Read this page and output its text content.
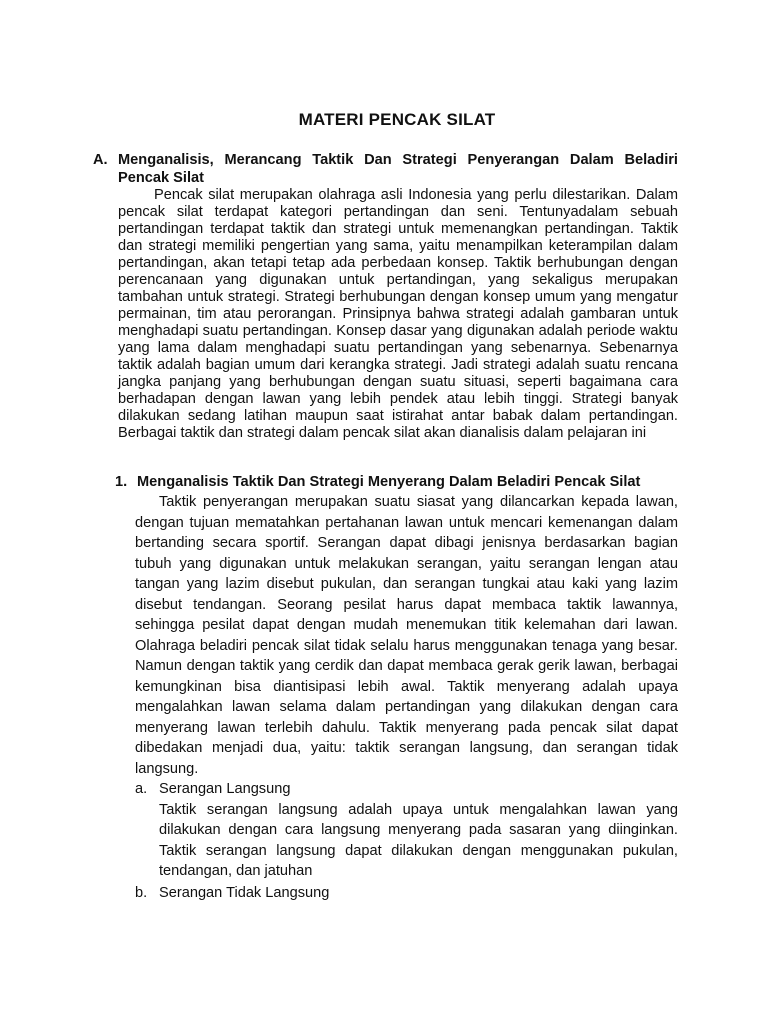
MATERI PENCAK SILAT
A. Menganalisis, Merancang Taktik Dan Strategi Penyerangan Dalam Beladiri Pencak Silat

Pencak silat merupakan olahraga asli Indonesia yang perlu dilestarikan. Dalam pencak silat terdapat kategori pertandingan dan seni. Tentunyadalam sebuah pertandingan terdapat taktik dan strategi untuk memenangkan pertandingan. Taktik dan strategi memiliki pengertian yang sama, yaitu menampilkan keterampilan dalam pertandingan, akan tetapi tetap ada perbedaan konsep. Taktik berhubungan dengan perencanaan yang digunakan untuk pertandingan, yang sekaligus merupakan tambahan untuk strategi. Strategi berhubungan dengan konsep umum yang mengatur permainan, tim atau perorangan. Prinsipnya bahwa strategi adalah gambaran untuk menghadapi suatu pertandingan. Konsep dasar yang digunakan adalah periode waktu yang lama dalam menghadapi suatu pertandingan yang sebenarnya. Sebenarnya taktik adalah bagian umum dari kerangka strategi. Jadi strategi adalah suatu rencana jangka panjang yang berhubungan dengan suatu situasi, seperti bagaimana cara berhadapan dengan lawan yang lebih pendek atau lebih tinggi. Strategi banyak dilakukan sedang latihan maupun saat istirahat antar babak dalam pertandingan. Berbagai taktik dan strategi dalam pencak silat akan dianalisis dalam pelajaran ini

1. Menganalisis Taktik Dan Strategi Menyerang Dalam Beladiri Pencak Silat

Taktik penyerangan merupakan suatu siasat yang dilancarkan kepada lawan, dengan tujuan mematahkan pertahanan lawan untuk mencari kemenangan dalam bertanding secara sportif. Serangan dapat dibagi jenisnya berdasarkan bagian tubuh yang digunakan untuk melakukan serangan, yaitu serangan lengan atau tangan yang lazim disebut pukulan, dan serangan tungkai atau kaki yang lazim disebut tendangan. Seorang pesilat harus dapat membaca taktik lawannya, sehingga pesilat dapat dengan mudah menemukan titik kelemahan dari lawan. Olahraga beladiri pencak silat tidak selalu harus menggunakan tenaga yang besar. Namun dengan taktik yang cerdik dan dapat membaca gerak gerik lawan, berbagai kemungkinan bisa diantisipasi lebih awal. Taktik menyerang adalah upaya mengalahkan lawan selama dalam pertandingan yang dilakukan dengan cara menyerang lawan terlebih dahulu. Taktik menyerang pada pencak silat dapat dibedakan menjadi dua, yaitu: taktik serangan langsung, dan serangan tidak langsung.

a. Serangan Langsung

Taktik serangan langsung adalah upaya untuk mengalahkan lawan yang dilakukan dengan cara langsung menyerang pada sasaran yang diinginkan. Taktik serangan langsung dapat dilakukan dengan menggunakan pukulan, tendangan, dan jatuhan

b. Serangan Tidak Langsung
